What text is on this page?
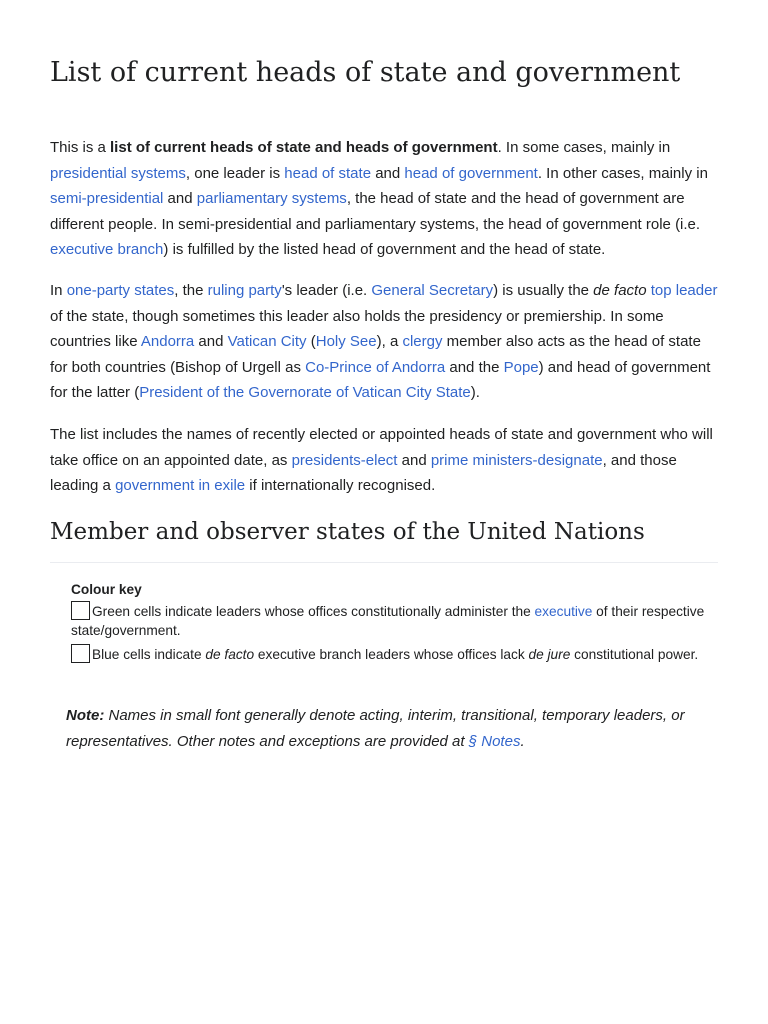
List of current heads of state and government

This is a list of current heads of state and heads of government. In some cases, mainly in presidential systems, one leader is head of state and head of government. In other cases, mainly in semi-presidential and parliamentary systems, the head of state and the head of government are different people. In semi-presidential and parliamentary systems, the head of government role (i.e. executive branch) is fulfilled by the listed head of government and the head of state.

In one-party states, the ruling party's leader (i.e. General Secretary) is usually the de facto top leader of the state, though sometimes this leader also holds the presidency or premiership. In some countries like Andorra and Vatican City (Holy See), a clergy member also acts as the head of state for both countries (Bishop of Urgell as Co-Prince of Andorra and the Pope) and head of government for the latter (President of the Governorate of Vatican City State).

The list includes the names of recently elected or appointed heads of state and government who will take office on an appointed date, as presidents-elect and prime ministers-designate, and those leading a government in exile if internationally recognised.

Member and observer states of the United Nations
Colour key
Green cells indicate leaders whose offices constitutionally administer the executive of their respective state/government.
Blue cells indicate de facto executive branch leaders whose offices lack de jure constitutional power.

Note: Names in small font generally denote acting, interim, transitional, temporary leaders, or representatives. Other notes and exceptions are provided at § Notes.
